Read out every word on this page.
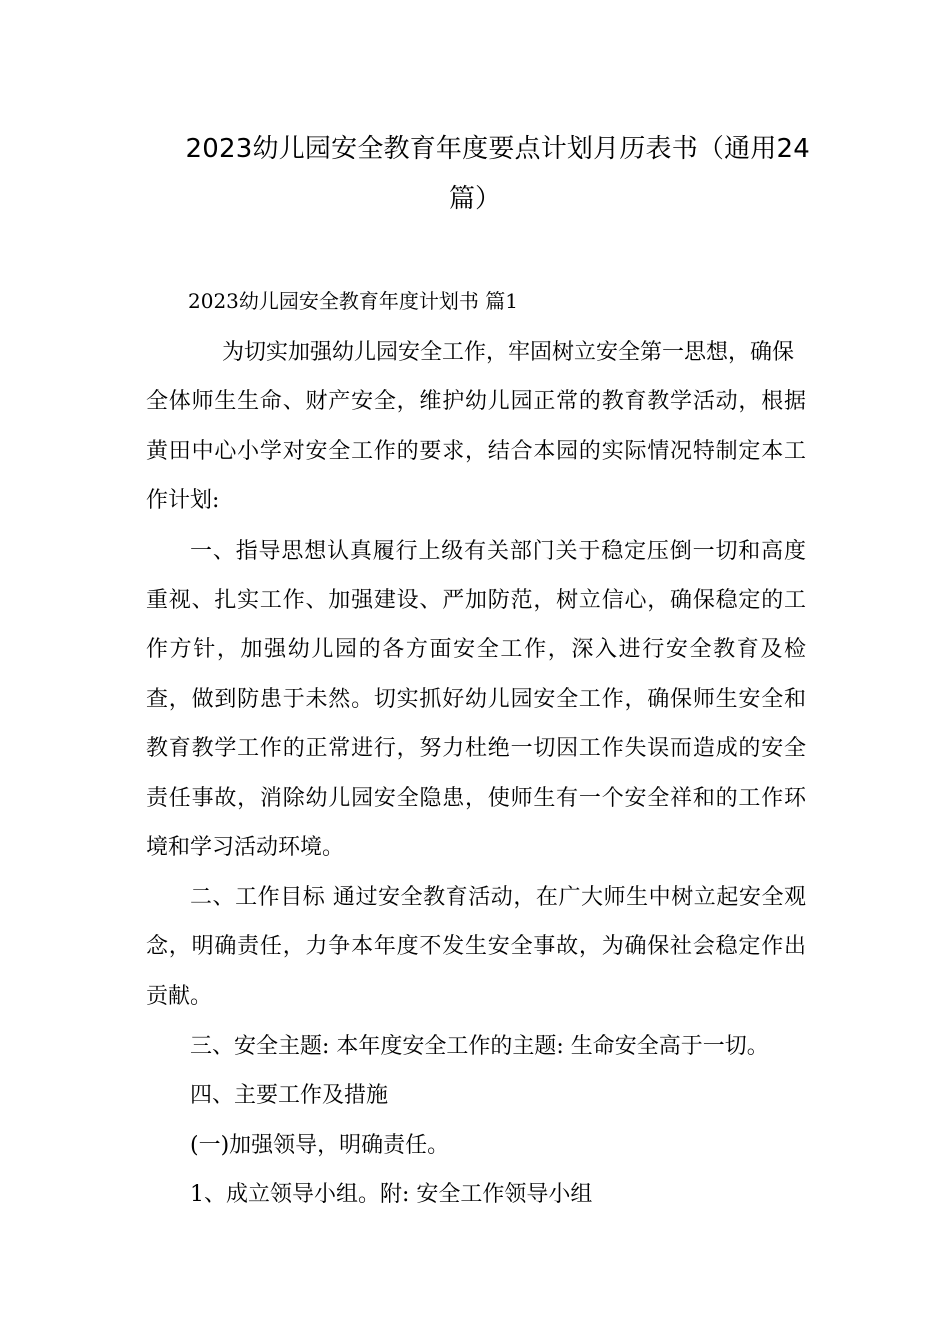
2023幼儿园安全教育年度要点计划月历表书（通用24
篇）
2023幼儿园安全教育年度计划书 篇1
为切实加强幼儿园安全工作，牢固树立安全第一思想，确保
全体师生生命、财产安全，维护幼儿园正常的教育教学活动，根据
黄田中心小学对安全工作的要求，结合本园的实际情况特制定本工
作计划:
一、指导思想认真履行上级有关部门关于稳定压倒一切和高度
重视、扎实工作、加强建设、严加防范，树立信心，确保稳定的工
作方针，加强幼儿园的各方面安全工作，深入进行安全教育及检
查，做到防患于未然。切实抓好幼儿园安全工作，确保师生安全和
教育教学工作的正常进行，努力杜绝一切因工作失误而造成的安全
责任事故，消除幼儿园安全隐患，使师生有一个安全祥和的工作环
境和学习活动环境。
二、工作目标 通过安全教育活动，在广大师生中树立起安全观
念，明确责任，力争本年度不发生安全事故，为确保社会稳定作出
贡献。
三、安全主题: 本年度安全工作的主题: 生命安全高于一切。
四、主要工作及措施
(一)加强领导，明确责任。
1、成立领导小组。附: 安全工作领导小组
